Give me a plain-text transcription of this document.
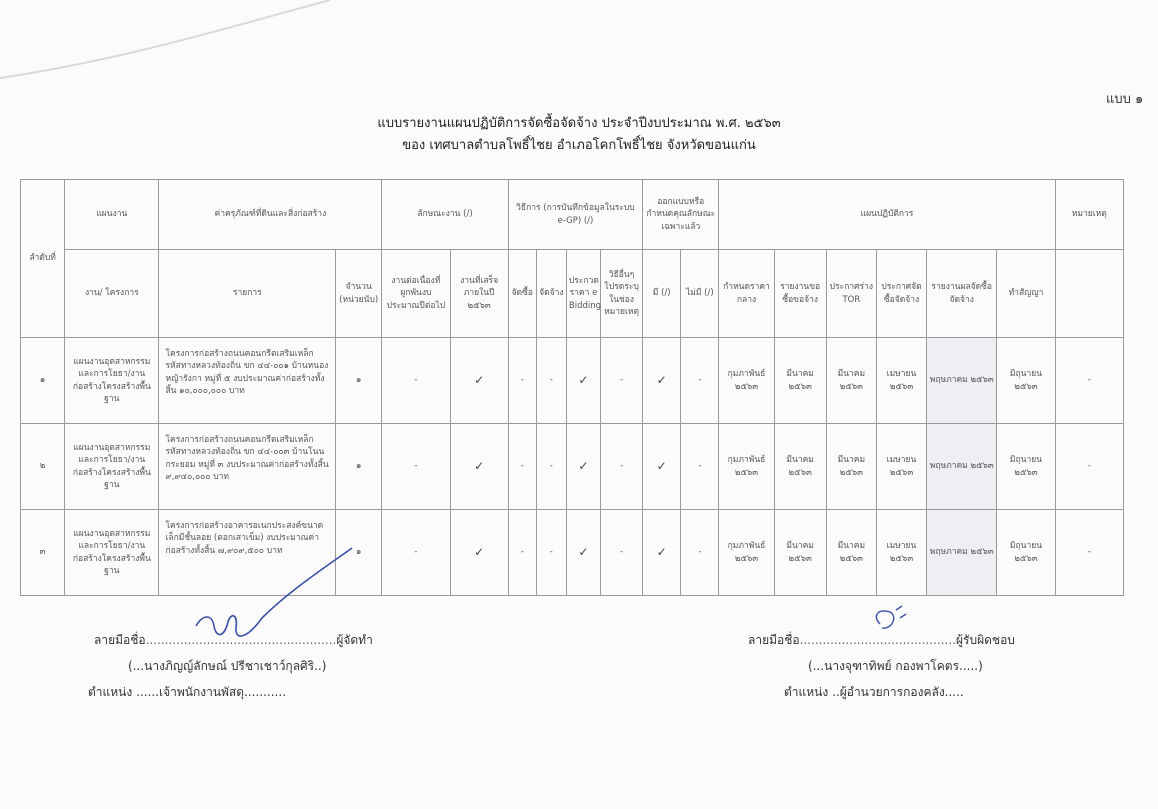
แบบ ๑
แบบรายงานแผนปฏิบัติการจัดซื้อจัดจ้าง ประจำปีงบประมาณ พ.ศ. ๒๕๖๓
ของ เทศบาลตำบลโพธิ์ไชย อำเภอโคกโพธิ์ไชย จังหวัดขอนแก่น
ลำดับที่	แผนงาน	ค่าครุภัณฑ์ที่ดินและสิ่งก่อสร้าง		ลักษณะงาน (/)		วิธีการ (การบันทึกข้อมูลในระบบ e-GP) (/)				ออกแบบหรือกำหนดคุณลักษณะเฉพาะแล้ว		แผนปฏิบัติการ						หมายเหตุ
	งาน/ โครงการ	รายการ	จำนวน (หน่วยนับ)	งานต่อเนื่องที่ผูกพันงบประมาณปีต่อไป	งานที่เสร็จภายในปี ๒๕๖๓	จัดซื้อ	จัดจ้าง	ประกวดราคา e Bidding	วิธีอื่นๆ โปรดระบุในช่องหมายเหตุ	มี (/)	ไม่มี (/)	กำหนดราคากลาง	รายงานขอซื้อขอจ้าง	ประกาศร่าง TOR	ประกาศจัดซื้อจัดจ้าง	รายงานผลจัดซื้อจัดจ้าง	ทำสัญญา	
๑	แผนงานอุตสาหกรรมและการโยธา/งานก่อสร้างโครงสร้างพื้นฐาน	โครงการก่อสร้างถนนคอนกรีตเสริมเหล็ก รหัสทางหลวงท้องถิ่น ขก ๔๔-๐๐๑ บ้านหนองหญ้ารังกา หมู่ที่ ๕ งบประมาณค่าก่อสร้างทั้งสิ้น ๑๐,๐๐๐,๐๐๐ บาท	๑	-	✓	-	-	✓	-	✓	-	กุมภาพันธ์ ๒๕๖๓	มีนาคม ๒๕๖๓	มีนาคม ๒๕๖๓	เมษายน ๒๕๖๓	พฤษภาคม ๒๕๖๓	มิถุนายน ๒๕๖๓	-
๒	แผนงานอุตสาหกรรมและการโยธา/งานก่อสร้างโครงสร้างพื้นฐาน	โครงการก่อสร้างถนนคอนกรีตเสริมเหล็ก รหัสทางหลวงท้องถิ่น ขก ๔๔-๐๐๓ บ้านโนนกระยอม หมู่ที่ ๓ งบประมาณค่าก่อสร้างทั้งสิ้น ๙,๙๔๐,๐๐๐ บาท	๑	-	✓	-	-	✓	-	✓	-	กุมภาพันธ์ ๒๕๖๓	มีนาคม ๒๕๖๓	มีนาคม ๒๕๖๓	เมษายน ๒๕๖๓	พฤษภาคม ๒๕๖๓	มิถุนายน ๒๕๖๓	-
๓	แผนงานอุตสาหกรรมและการโยธา/งานก่อสร้างโครงสร้างพื้นฐาน	โครงการก่อสร้างอาคารอเนกประสงค์ขนาดเล็กมีชั้นลอย (ตอกเสาเข็ม) งบประมาณค่าก่อสร้างทั้งสิ้น ๗,๙๐๙,๕๐๐ บาท	๑	-	✓	-	-	✓	-	✓	-	กุมภาพันธ์ ๒๕๖๓	มีนาคม ๒๕๖๓	มีนาคม ๒๕๖๓	เมษายน ๒๕๖๓	พฤษภาคม ๒๕๖๓	มิถุนายน ๒๕๖๓	-
ลายมือชื่อ..................................................ผู้จัดทำ
(...นางภิญญ์ลักษณ์ ปรีชาเชาว์กุลศิริ..)
ตำแหน่ง ......เจ้าพนักงานพัสดุ...........
ลายมือชื่อ.........................................ผู้รับผิดชอบ
(...นางจุฑาทิพย์ กองพาโคตร.....)
ตำแหน่ง ..ผู้อำนวยการกองคลัง.....
